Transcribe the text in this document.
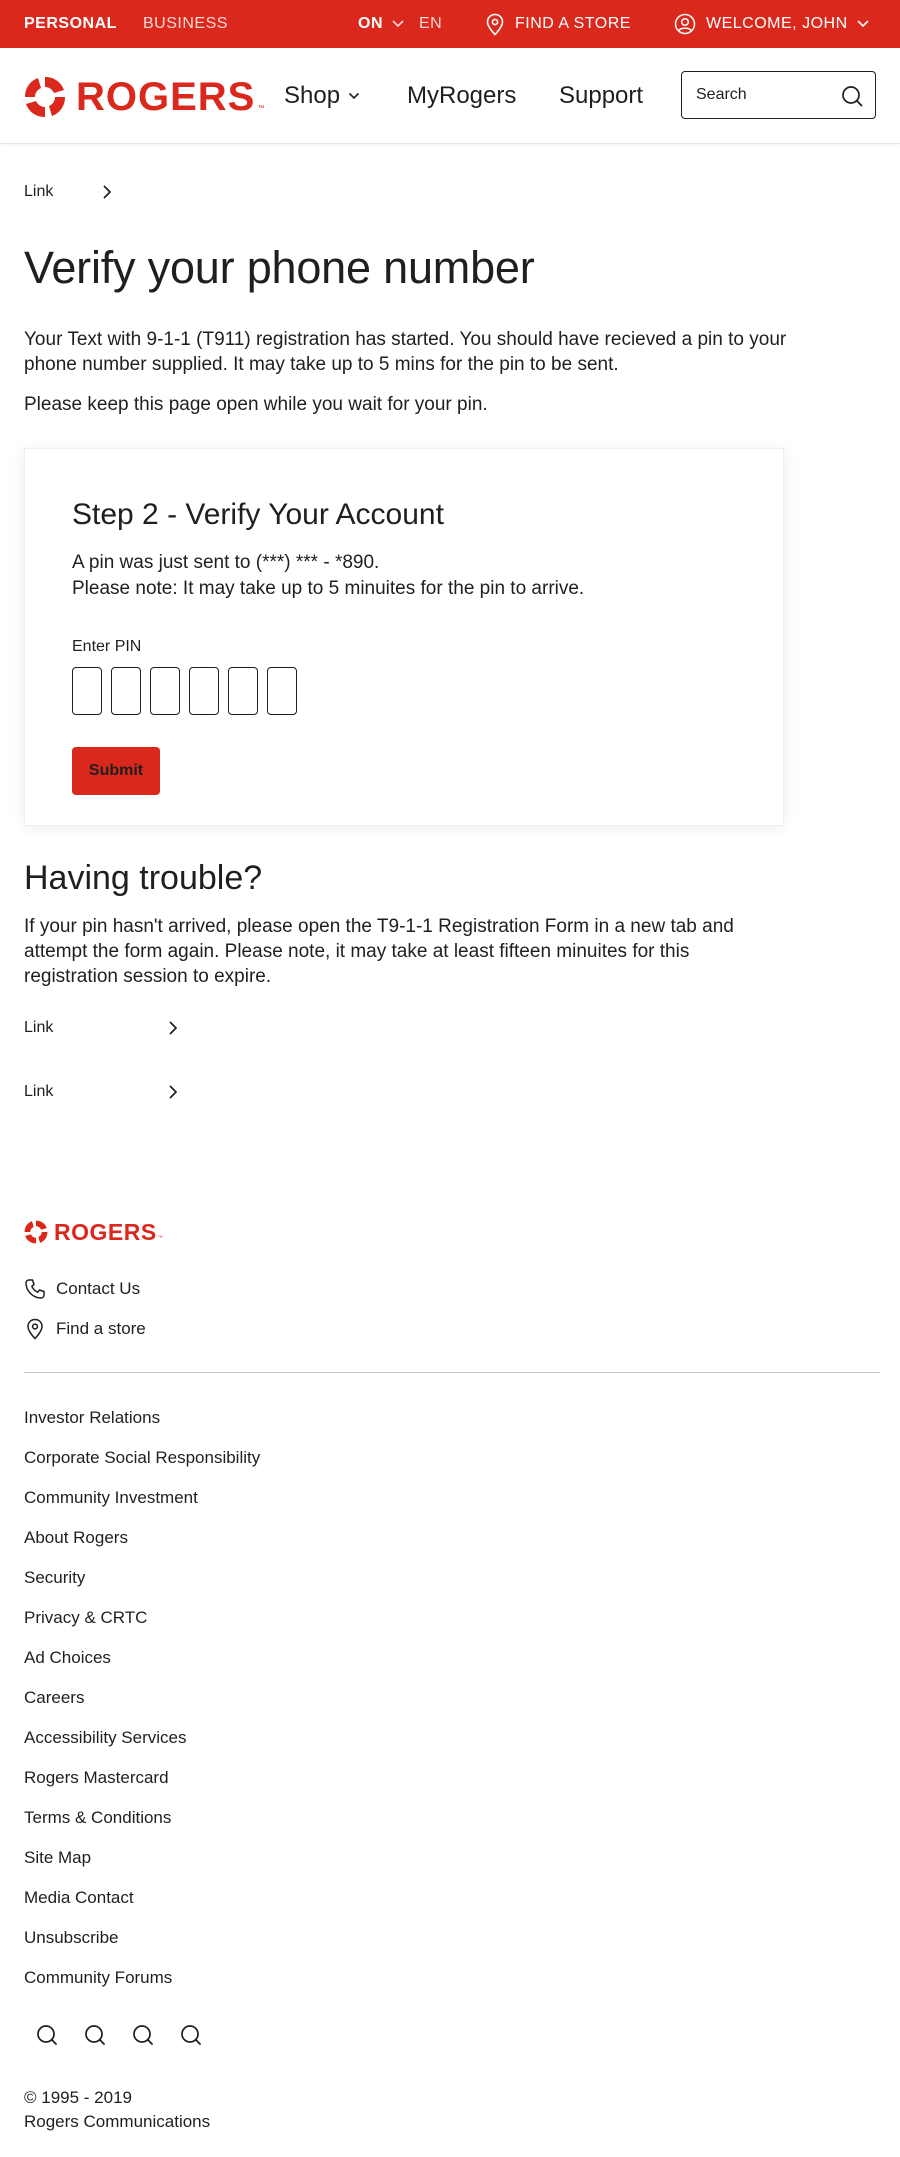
PERSONAL BUSINESS	ON EN	FIND A STORE	WELCOME, JOHN
ROGERS ™ Shop	MyRogers Support
Search
Link
Verify your phone number

Your Text with 9-1-1 (T911) registration has started. You should have recieved a pin to your phone number supplied. It may take up to 5 mins for the pin to be sent.

Please keep this page open while you wait for your pin.

Step 2 - Verify Your Account

A pin was just sent to (***) *** - *890.

Please note: It may take up to 5 minuites for the pin to arrive.

Enter PIN
Submit
Having trouble?

If your pin hasn't arrived, please open the T9-1-1 Registration Form in a new tab and attempt the form again. Please note, it may take at least fifteen minuites for this registration session to expire.

Link
Link
ROGERS ™
Contact Us
Find a store
Investor Relations
Corporate Social Responsibility
Community Investment
About Rogers
Security
Privacy & CRTC
Ad Choices
Careers
Accessibility Services
Rogers Mastercard
Terms & Conditions
Site Map
Media Contact
Unsubscribe
Community Forums
© 1995 - 2019
Rogers Communications
